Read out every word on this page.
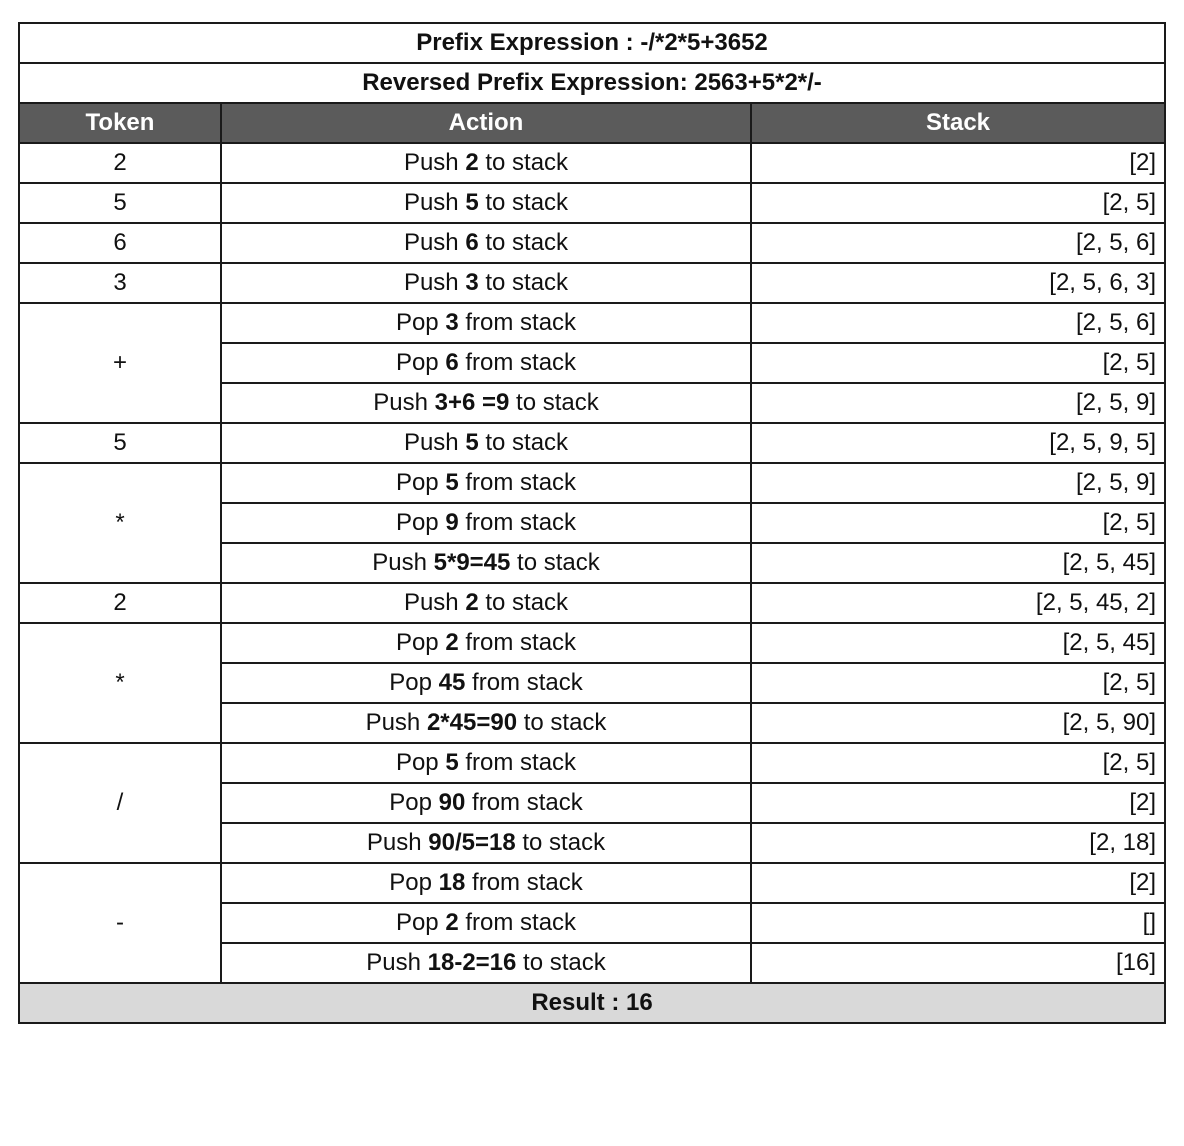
Prefix Expression : -/*2*5+3652		
Reversed Prefix Expression: 2563+5*2*/-		
Token	Action	Stack
2	Push 2 to stack	[2]
5	Push 5 to stack	[2, 5]
6	Push 6 to stack	[2, 5, 6]
3	Push 3 to stack	[2, 5, 6, 3]
+	Pop 3 from stack	[2, 5, 6]
	Pop 6 from stack	[2, 5]
	Push 3+6 =9 to stack	[2, 5, 9]
5	Push 5 to stack	[2, 5, 9, 5]
*	Pop 5 from stack	[2, 5, 9]
	Pop 9 from stack	[2, 5]
	Push 5*9=45 to stack	[2, 5, 45]
2	Push 2 to stack	[2, 5, 45, 2]
*	Pop 2 from stack	[2, 5, 45]
	Pop 45 from stack	[2, 5]
	Push 2*45=90 to stack	[2, 5, 90]
/	Pop 5 from stack	[2, 5]
	Pop 90 from stack	[2]
	Push 90/5=18 to stack	[2, 18]
-	Pop 18 from stack	[2]
	Pop 2 from stack	[]
	Push 18-2=16 to stack	[16]
Result : 16		
